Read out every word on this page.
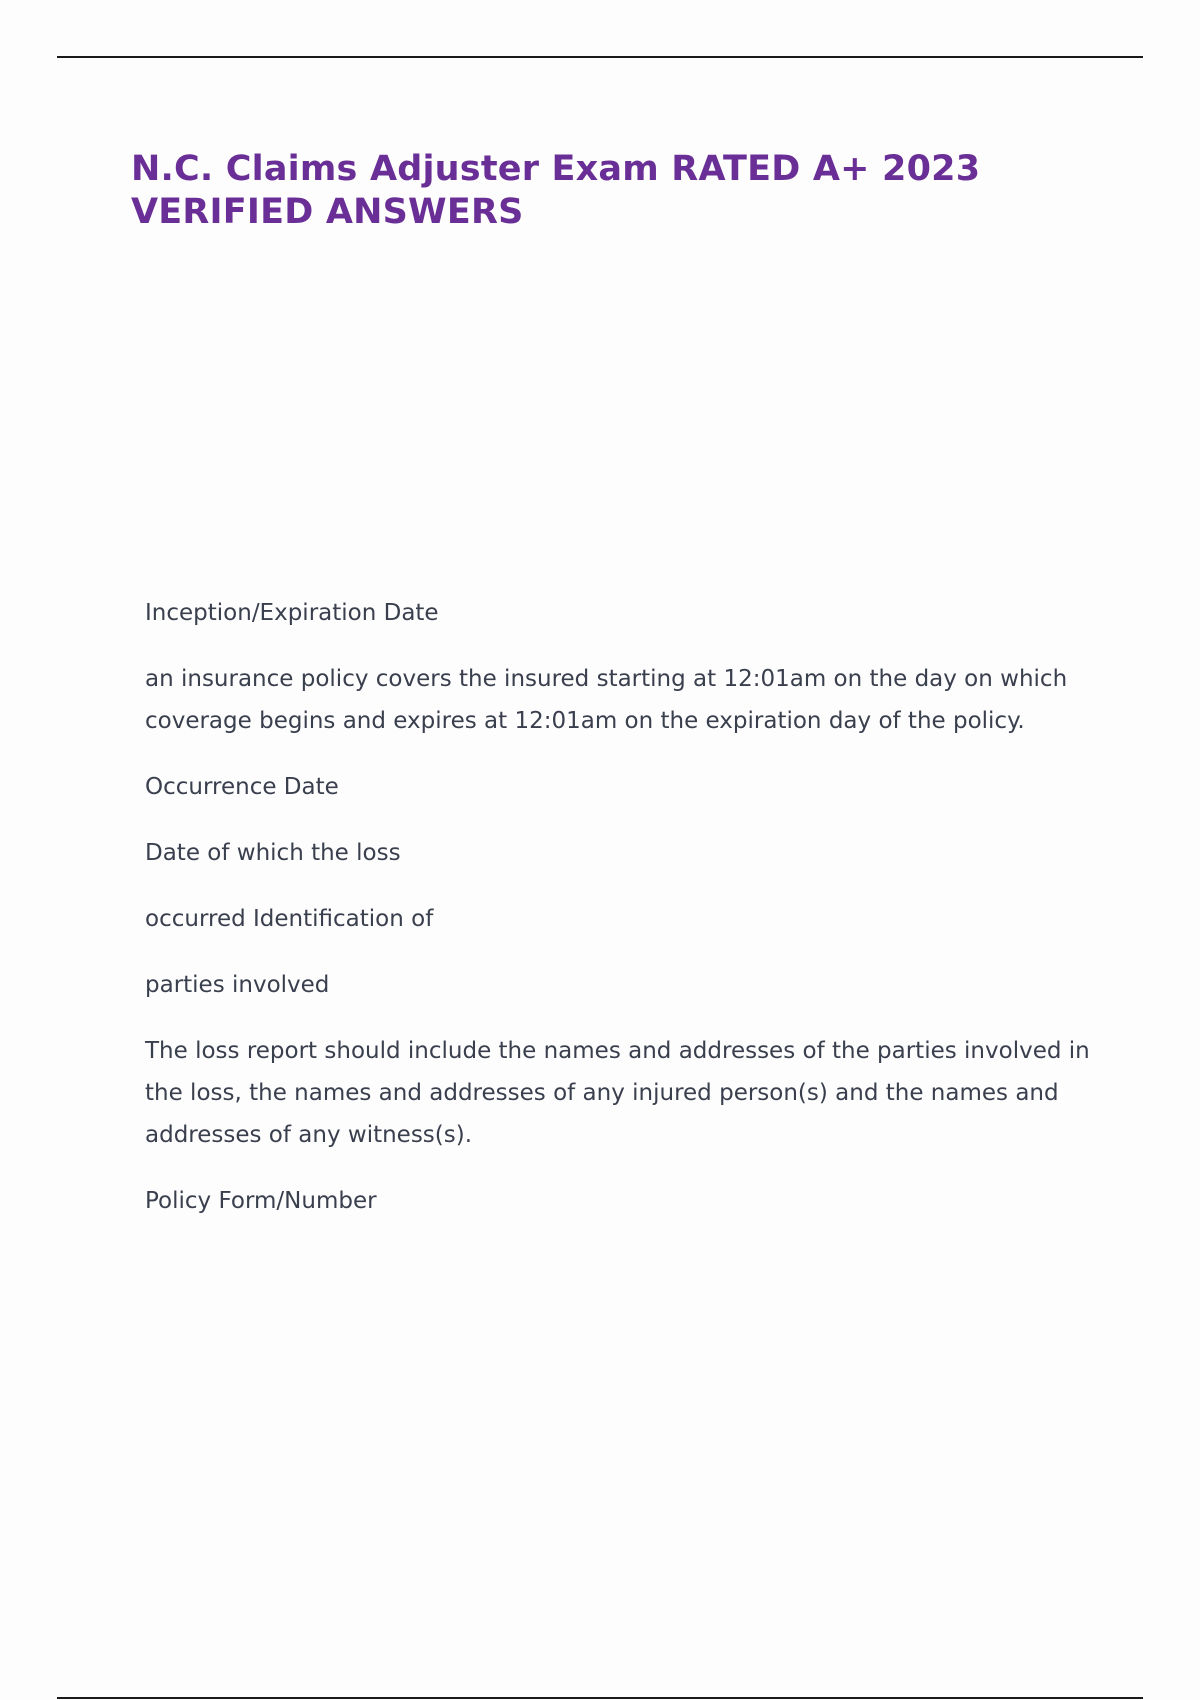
N.C. Claims Adjuster Exam RATED A+ 2023
VERIFIED ANSWERS

Inception/Expiration Date

an insurance policy covers the insured starting at 12:01am on the day on which coverage begins and expires at 12:01am on the expiration day of the policy.

Occurrence Date

Date of which the loss

occurred Identification of

parties involved

The loss report should include the names and addresses of the parties involved in the loss, the names and addresses of any injured person(s) and the names and addresses of any witness(s).

Policy Form/Number
